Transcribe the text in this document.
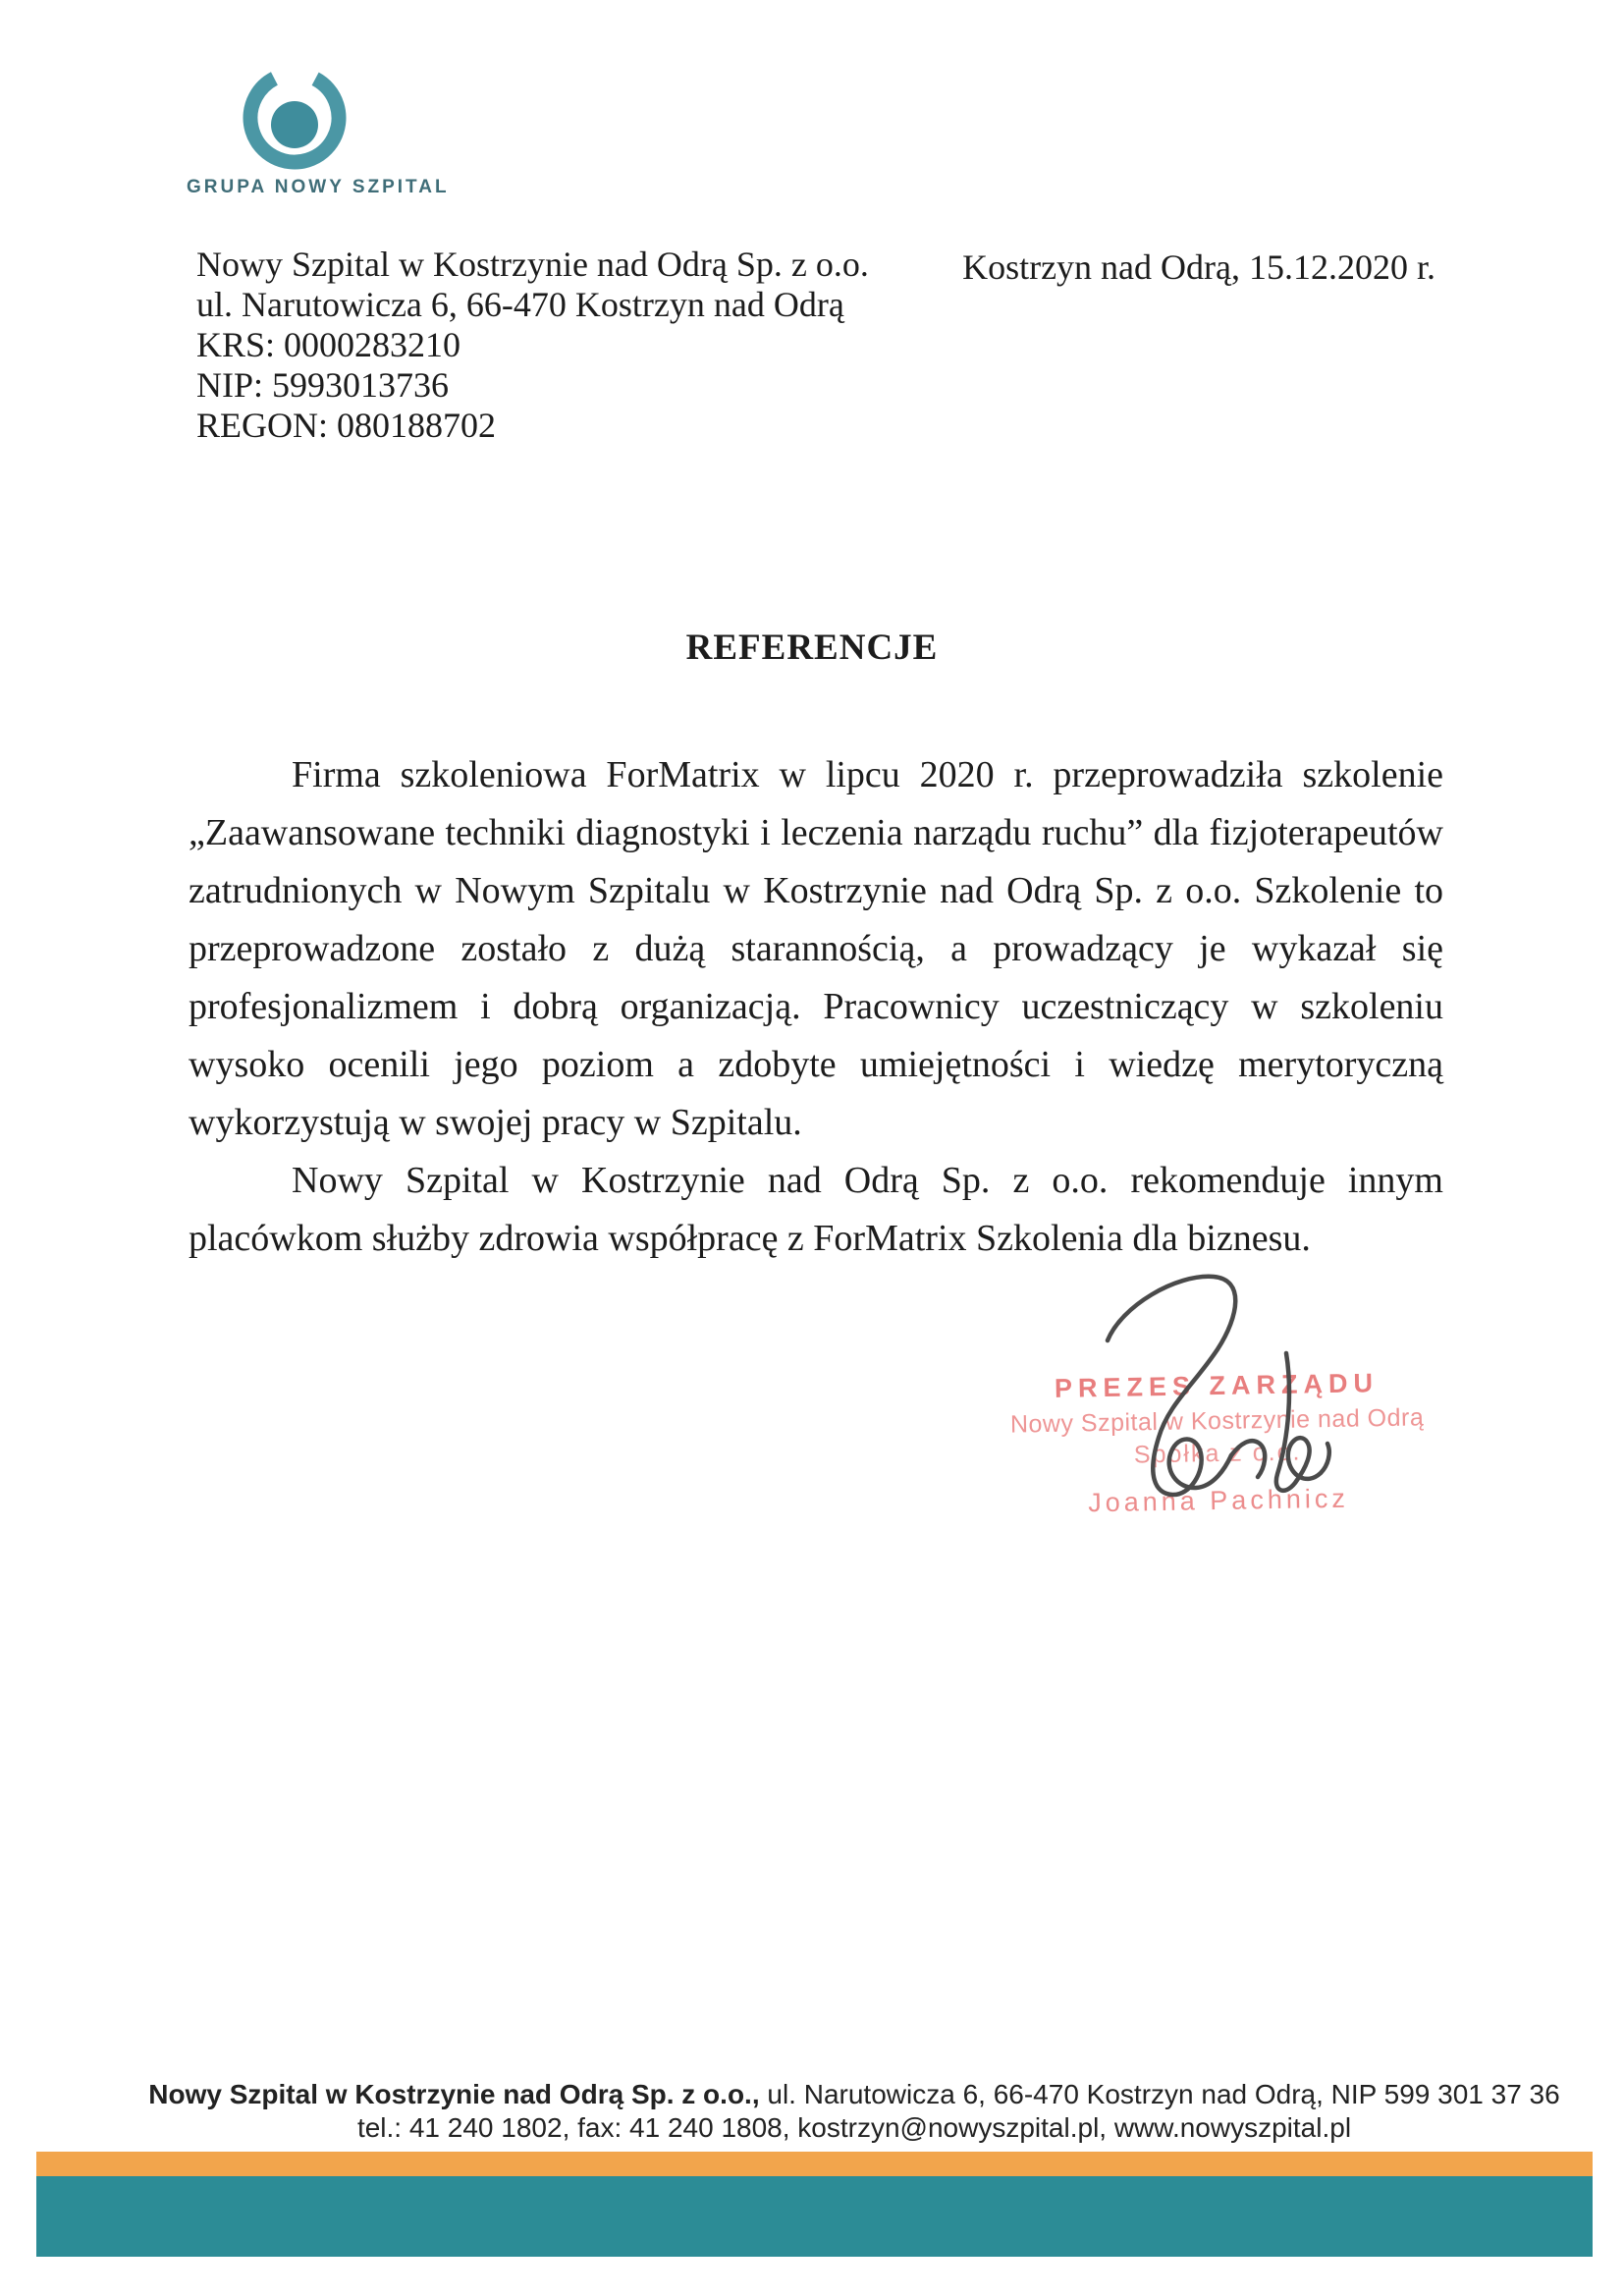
GRUPA NOWY SZPITAL
Nowy Szpital w Kostrzynie nad Odrą Sp. z o.o.
ul. Narutowicza 6, 66-470 Kostrzyn nad Odrą
KRS: 0000283210
NIP: 5993013736
REGON: 080188702
Kostrzyn nad Odrą, 15.12.2020 r.
REFERENCJE

Firma szkoleniowa ForMatrix w lipcu 2020 r. przeprowadziła szkolenie „Zaawansowane techniki diagnostyki i leczenia narządu ruchu” dla fizjoterapeutów zatrudnionych w Nowym Szpitalu w Kostrzynie nad Odrą Sp. z o.o. Szkolenie to przeprowadzone zostało z dużą starannością, a prowadzący je wykazał się profesjonalizmem i dobrą organizacją. Pracownicy uczestniczący w szkoleniu wysoko ocenili jego poziom a zdobyte umiejętności i wiedzę merytoryczną wykorzystują w swojej pracy w Szpitalu.

Nowy Szpital w Kostrzynie nad Odrą Sp. z o.o. rekomenduje innym placówkom służby zdrowia współpracę z ForMatrix Szkolenia dla biznesu.

PREZES ZARZĄDU
Nowy Szpital w Kostrzynie nad Odrą
Spółka z o.o.
Joanna Pachnicz
Nowy Szpital w Kostrzynie nad Odrą Sp. z o.o., ul. Narutowicza 6, 66-470 Kostrzyn nad Odrą, NIP 599 301 37 36
tel.: 41 240 1802, fax: 41 240 1808, kostrzyn@nowyszpital.pl, www.nowyszpital.pl
